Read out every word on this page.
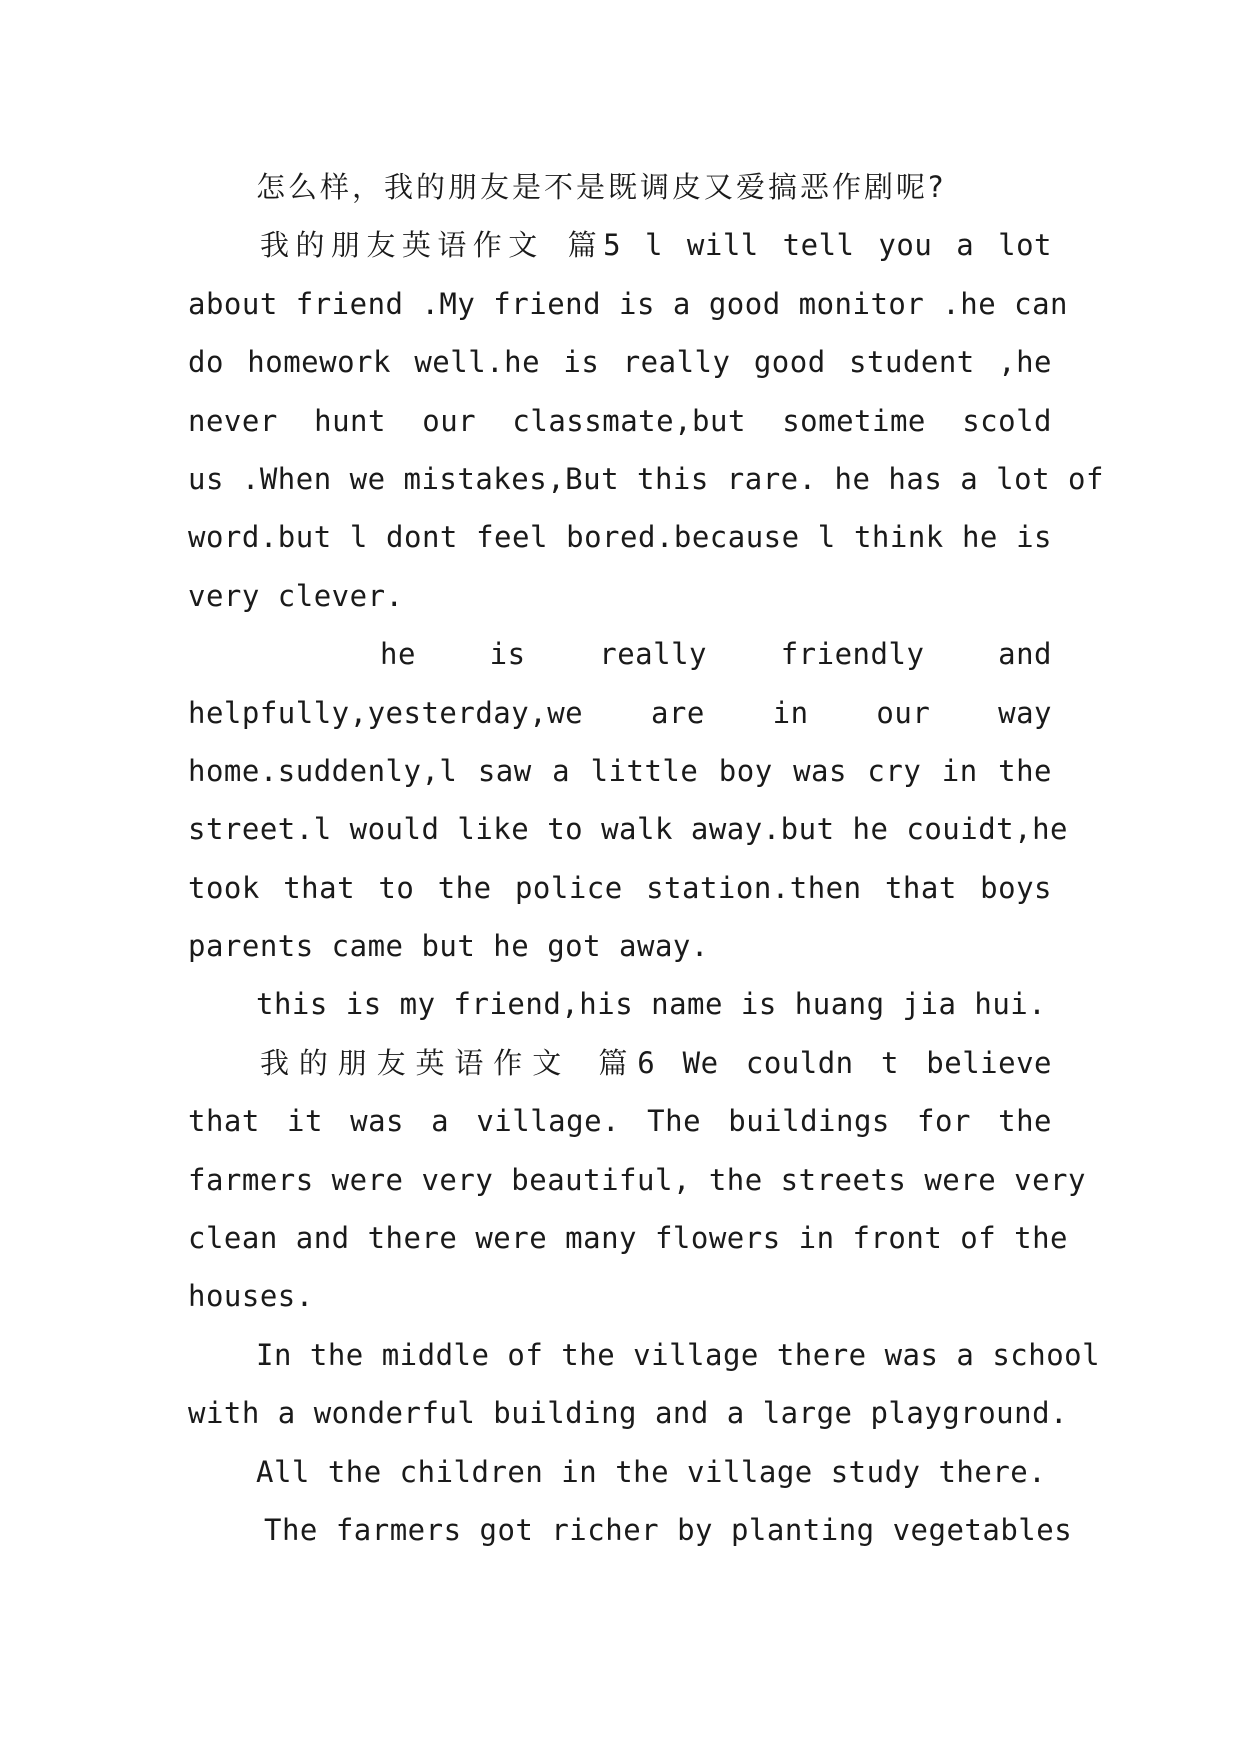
怎么样，我的朋友是不是既调皮又爱搞恶作剧呢?
我的朋友英语作文 篇5 l will tell you a lot
about friend .My friend is a good monitor .he can
do homework well.he is really good student ,he
never hunt our classmate,but sometime scold
us .When we mistakes,But this rare. he has a lot of
word.but l dont feel bored.because l think he is
very clever.
he is really friendly and
helpfully,yesterday,we are in our way
home.suddenly,l saw a little boy was cry in the
street.l would like to walk away.but he couidt,he
took that to the police station.then that boys
parents came but he got away.
this is my friend,his name is huang jia hui.
我的朋友英语作文 篇6 We couldn t believe
that it was a village. The buildings for the
farmers were very beautiful, the streets were very
clean and there were many flowers in front of the
houses.
In the middle of the village there was a school
with a wonderful building and a large playground.
All the children in the village study there.
The farmers got richer by planting vegetables
